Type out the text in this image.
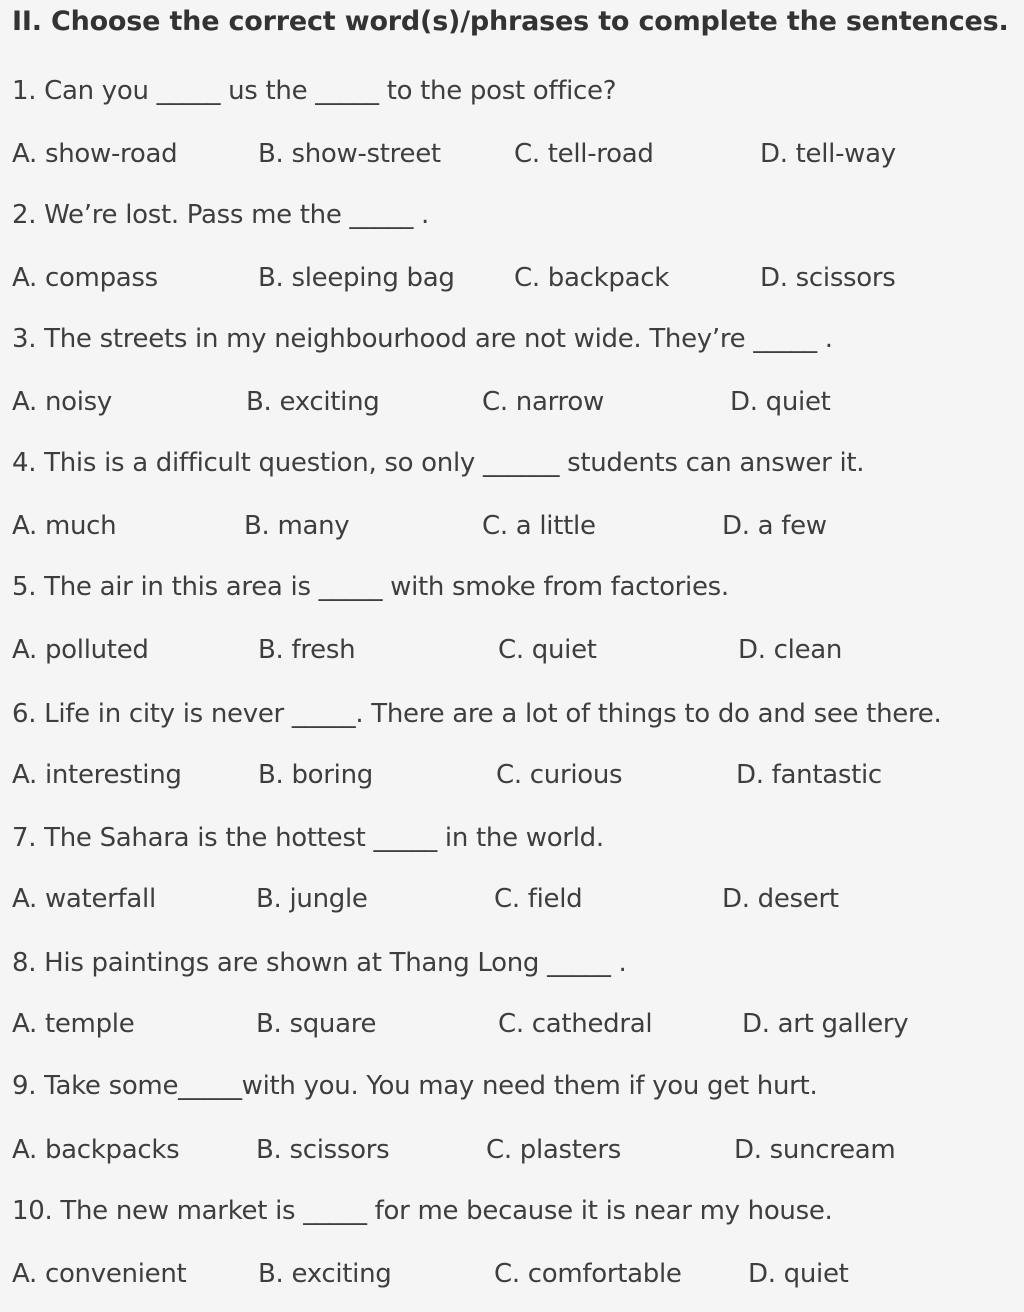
II. Choose the correct word(s)/phrases to complete the sentences.
1. Can you _____ us the _____ to the post office?
A. show-road	B. show-street	C. tell-road	D. tell-way
2. We’re lost. Pass me the _____ .
A. compass	B. sleeping bag C. backpack	D. scissors
3. The streets in my neighbourhood are not wide. They’re _____ .
A. noisy	B. exciting	C. narrow	D. quiet
4. This is a difficult question, so only ______ students can answer it.
A. much	B. many	C. a little	D. a few
5. The air in this area is _____ with smoke from factories.
A. polluted	B. fresh	C. quiet	D. clean
6. Life in city is never _____. There are a lot of things to do and see there.
A. interesting	B. boring	C. curious	D. fantastic
7. The Sahara is the hottest _____ in the world.
A. waterfall	B. jungle	C. field	D. desert
8. His paintings are shown at Thang Long _____ .
A. temple	B. square	C. cathedral	D. art gallery
9. Take some_____with you. You may need them if you get hurt.
A. backpacks	B. scissors	C. plasters	D. suncream
10. The new market is _____ for me because it is near my house.
A. convenient	B. exciting	C. comfortable	D. quiet
